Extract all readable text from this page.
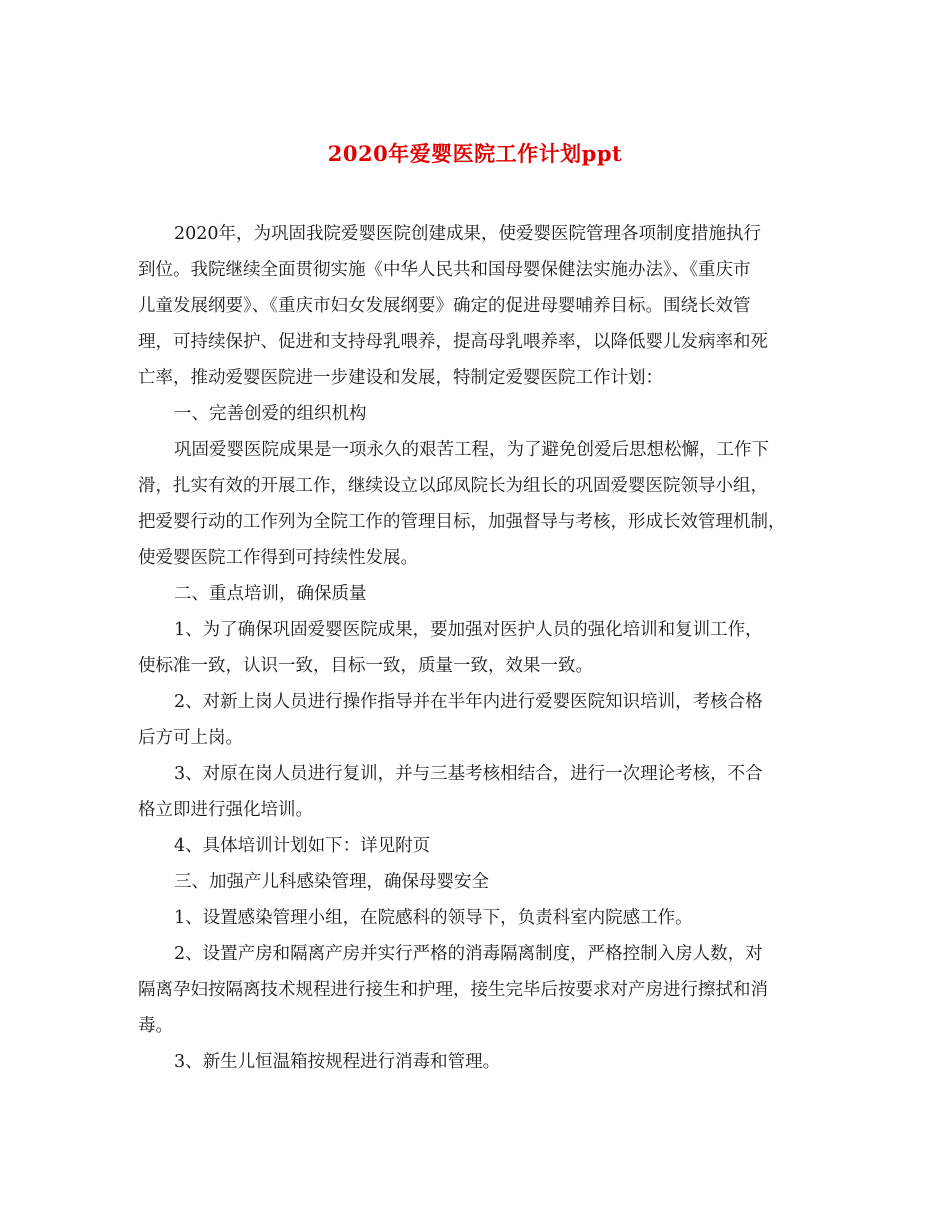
2020年爱婴医院工作计划ppt

2020年，为巩固我院爱婴医院创建成果，使爱婴医院管理各项制度措施执行
到位。我院继续全面贯彻实施《中华人民共和国母婴保健法实施办法》、《重庆市
儿童发展纲要》、《重庆市妇女发展纲要》确定的促进母婴哺养目标。围绕长效管
理，可持续保护、促进和支持母乳喂养，提高母乳喂养率，以降低婴儿发病率和死
亡率，推动爱婴医院进一步建设和发展，特制定爱婴医院工作计划：

一、完善创爱的组织机构

巩固爱婴医院成果是一项永久的艰苦工程，为了避免创爱后思想松懈，工作下
滑，扎实有效的开展工作，继续设立以邱凤院长为组长的巩固爱婴医院领导小组，
把爱婴行动的工作列为全院工作的管理目标，加强督导与考核，形成长效管理机制，
使爱婴医院工作得到可持续性发展。

二、重点培训，确保质量

1、为了确保巩固爱婴医院成果，要加强对医护人员的强化培训和复训工作，
使标准一致，认识一致，目标一致，质量一致，效果一致。

2、对新上岗人员进行操作指导并在半年内进行爱婴医院知识培训，考核合格
后方可上岗。

3、对原在岗人员进行复训，并与三基考核相结合，进行一次理论考核，不合
格立即进行强化培训。

4、具体培训计划如下：详见附页

三、加强产儿科感染管理，确保母婴安全

1、设置感染管理小组，在院感科的领导下，负责科室内院感工作。

2、设置产房和隔离产房并实行严格的消毒隔离制度，严格控制入房人数，对
隔离孕妇按隔离技术规程进行接生和护理，接生完毕后按要求对产房进行擦拭和消
毒。

3、新生儿恒温箱按规程进行消毒和管理。
